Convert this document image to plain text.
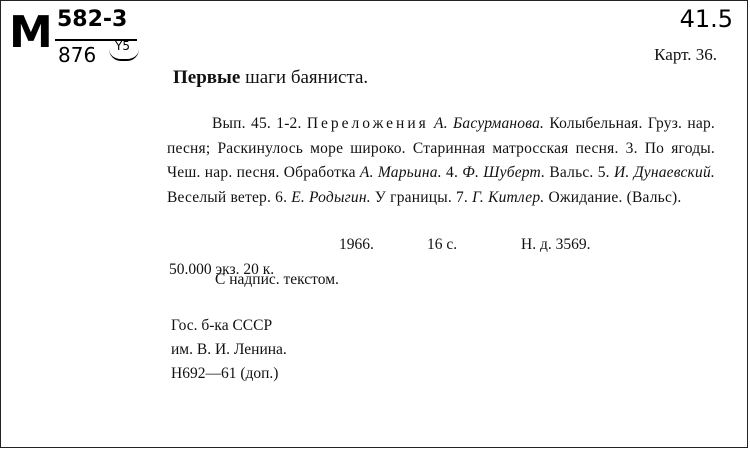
М 582-3
876 Y5
41.5
Карт. 36.
Первые шаги баяниста.

Вып. 45. 1-2. Переложения А. Басурманова. Колыбельная. Груз. нар. песня; Раскинулось море широко. Старинная матросская песня. 3. По ягоды. Чеш. нар. песня. Обработка А. Марьина. 4. Ф. Шуберт. Вальс. 5. И. Дунаевский. Веселый ветер. 6. Е. Родыгин. У границы. 7. Г. Китлер. Ожидание. (Вальс).

1966.	16 с.	Н. д. 3569.
50.000 экз. 20 к.
С надпис. текстом.
Гос. б-ка СССР
им. В. И. Ленина.
Н692—61 (доп.)
